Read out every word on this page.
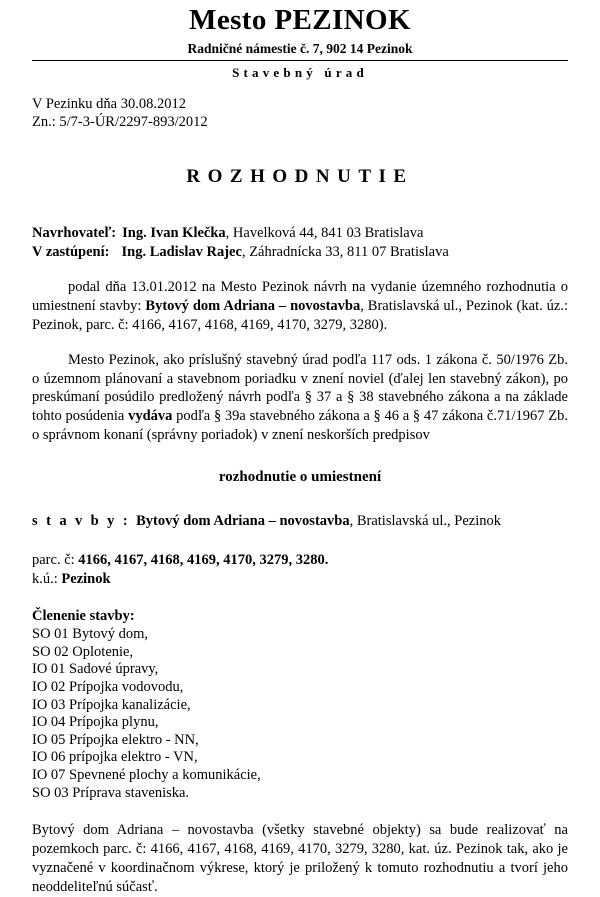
Mesto PEZINOK
Radničné námestie č. 7, 902 14 Pezinok
Stavebný úrad
V Pezinku dňa 30.08.2012
Zn.: 5/7-3-ÚR/2297-893/2012
ROZHODNUTIE
Navrhovateľ: Ing. Ivan Klečka, Havelková 44, 841 03 Bratislava
V zastúpení: Ing. Ladislav Rajec, Záhradnícka 33, 811 07 Bratislava

podal dňa 13.01.2012 na Mesto Pezinok návrh na vydanie územného rozhodnutia o umiestnení stavby: Bytový dom Adriana – novostavba, Bratislavská ul., Pezinok (kat. úz.: Pezinok, parc. č: 4166, 4167, 4168, 4169, 4170, 3279, 3280).

Mesto Pezinok, ako príslušný stavebný úrad podľa 117 ods. 1 zákona č. 50/1976 Zb. o územnom plánovaní a stavebnom poriadku v znení noviel (ďalej len stavebný zákon), po preskúmaní posúdilo predložený návrh podľa § 37 a § 38 stavebného zákona a na základe tohto posúdenia vydáva podľa § 39a stavebného zákona a § 46 a § 47 zákona č.71/1967 Zb. o správnom konaní (správny poriadok) v znení neskorších predpisov

rozhodnutie o umiestnení
s t a v b y : Bytový dom Adriana – novostavba, Bratislavská ul., Pezinok
parc. č: 4166, 4167, 4168, 4169, 4170, 3279, 3280.
k.ú.: Pezinok
Členenie stavby:
SO 01 Bytový dom,
SO 02 Oplotenie,
IO 01 Sadové úpravy,
IO 02 Prípojka vodovodu,
IO 03 Prípojka kanalizácie,
IO 04 Prípojka plynu,
IO 05 Prípojka elektro - NN,
IO 06 prípojka elektro - VN,
IO 07 Spevnené plochy a komunikácie,
SO 03 Príprava staveniska.

Bytový dom Adriana – novostavba (všetky stavebné objekty) sa bude realizovať na pozemkoch parc. č: 4166, 4167, 4168, 4169, 4170, 3279, 3280, kat. úz. Pezinok tak, ako je vyznačené v koordinačnom výkrese, ktorý je priložený k tomuto rozhodnutiu a tvorí jeho neoddeliteľnú súčasť.
